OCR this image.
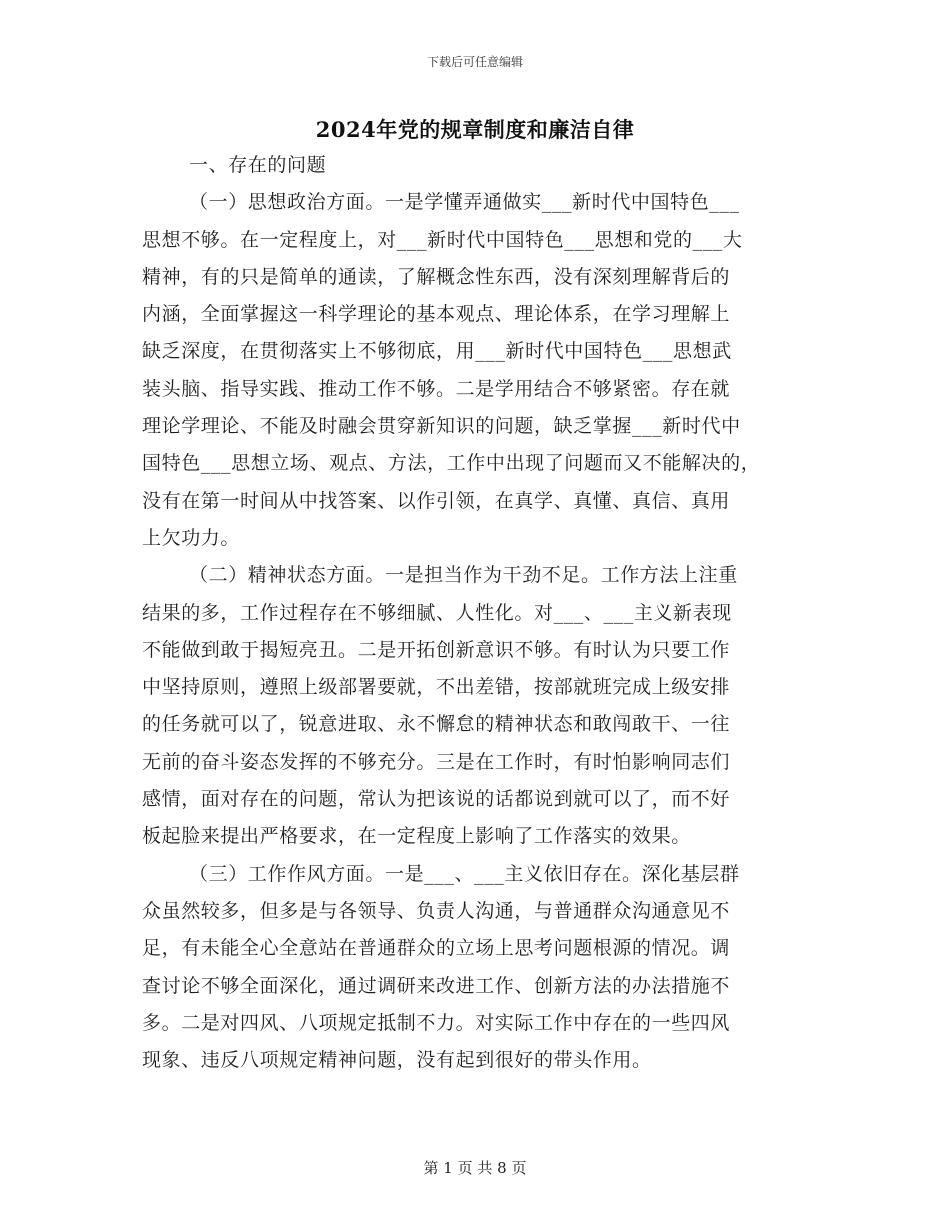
下载后可任意编辑
2024年党的规章制度和廉洁自律
一、存在的问题
（一）思想政治方面。一是学懂弄通做实___新时代中国特色___
思想不够。在一定程度上，对___新时代中国特色___思想和党的___大
精神，有的只是简单的通读，了解概念性东西，没有深刻理解背后的
内涵，全面掌握这一科学理论的基本观点、理论体系，在学习理解上
缺乏深度，在贯彻落实上不够彻底，用___新时代中国特色___思想武
装头脑、指导实践、推动工作不够。二是学用结合不够紧密。存在就
理论学理论、不能及时融会贯穿新知识的问题，缺乏掌握___新时代中
国特色___思想立场、观点、方法，工作中出现了问题而又不能解决的，
没有在第一时间从中找答案、以作引领，在真学、真懂、真信、真用
上欠功力。
（二）精神状态方面。一是担当作为干劲不足。工作方法上注重
结果的多，工作过程存在不够细腻、人性化。对___、___主义新表现
不能做到敢于揭短亮丑。二是开拓创新意识不够。有时认为只要工作
中坚持原则，遵照上级部署要就，不出差错，按部就班完成上级安排
的任务就可以了，锐意进取、永不懈怠的精神状态和敢闯敢干、一往
无前的奋斗姿态发挥的不够充分。三是在工作时，有时怕影响同志们
感情，面对存在的问题，常认为把该说的话都说到就可以了，而不好
板起脸来提出严格要求，在一定程度上影响了工作落实的效果。
（三）工作作风方面。一是___、___主义依旧存在。深化基层群
众虽然较多，但多是与各领导、负责人沟通，与普通群众沟通意见不
足，有未能全心全意站在普通群众的立场上思考问题根源的情况。调
查讨论不够全面深化，通过调研来改进工作、创新方法的办法措施不
多。二是对四风、八项规定抵制不力。对实际工作中存在的一些四风
现象、违反八项规定精神问题，没有起到很好的带头作用。
第 1 页 共 8 页
